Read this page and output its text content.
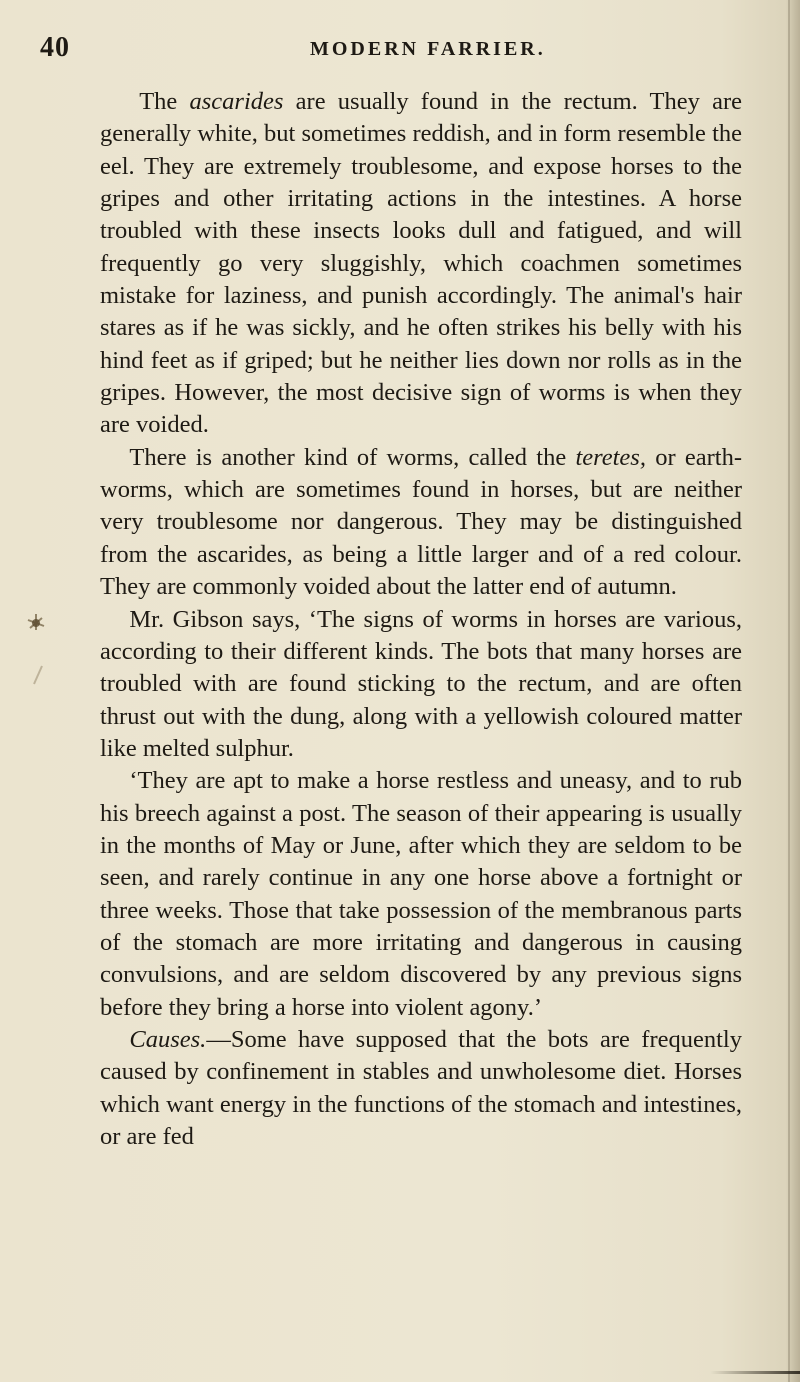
40	MODERN FARRIER.

The ascarides are usually found in the rectum. They are generally white, but sometimes reddish, and in form resemble the eel. They are extremely troublesome, and expose horses to the gripes and other irritating actions in the intestines. A horse troubled with these insects looks dull and fatigued, and will frequently go very sluggishly, which coachmen sometimes mistake for laziness, and punish accordingly. The animal's hair stares as if he was sickly, and he often strikes his belly with his hind feet as if griped; but he neither lies down nor rolls as in the gripes. However, the most decisive sign of worms is when they are voided.

There is another kind of worms, called the teretes, or earth-worms, which are sometimes found in horses, but are neither very troublesome nor dangerous. They may be distinguished from the ascarides, as being a little larger and of a red colour. They are commonly voided about the latter end of autumn.

Mr. Gibson says, ‘The signs of worms in horses are various, according to their different kinds. The bots that many horses are troubled with are found sticking to the rectum, and are often thrust out with the dung, along with a yellowish coloured matter like melted sulphur.

‘They are apt to make a horse restless and uneasy, and to rub his breech against a post. The season of their appearing is usually in the months of May or June, after which they are seldom to be seen, and rarely continue in any one horse above a fortnight or three weeks. Those that take possession of the membranous parts of the stomach are more irritating and dangerous in causing convulsions, and are seldom discovered by any previous signs before they bring a horse into violent agony.’

Causes.—Some have supposed that the bots are frequently caused by confinement in stables and unwholesome diet. Horses which want energy in the functions of the stomach and intestines, or are fed
